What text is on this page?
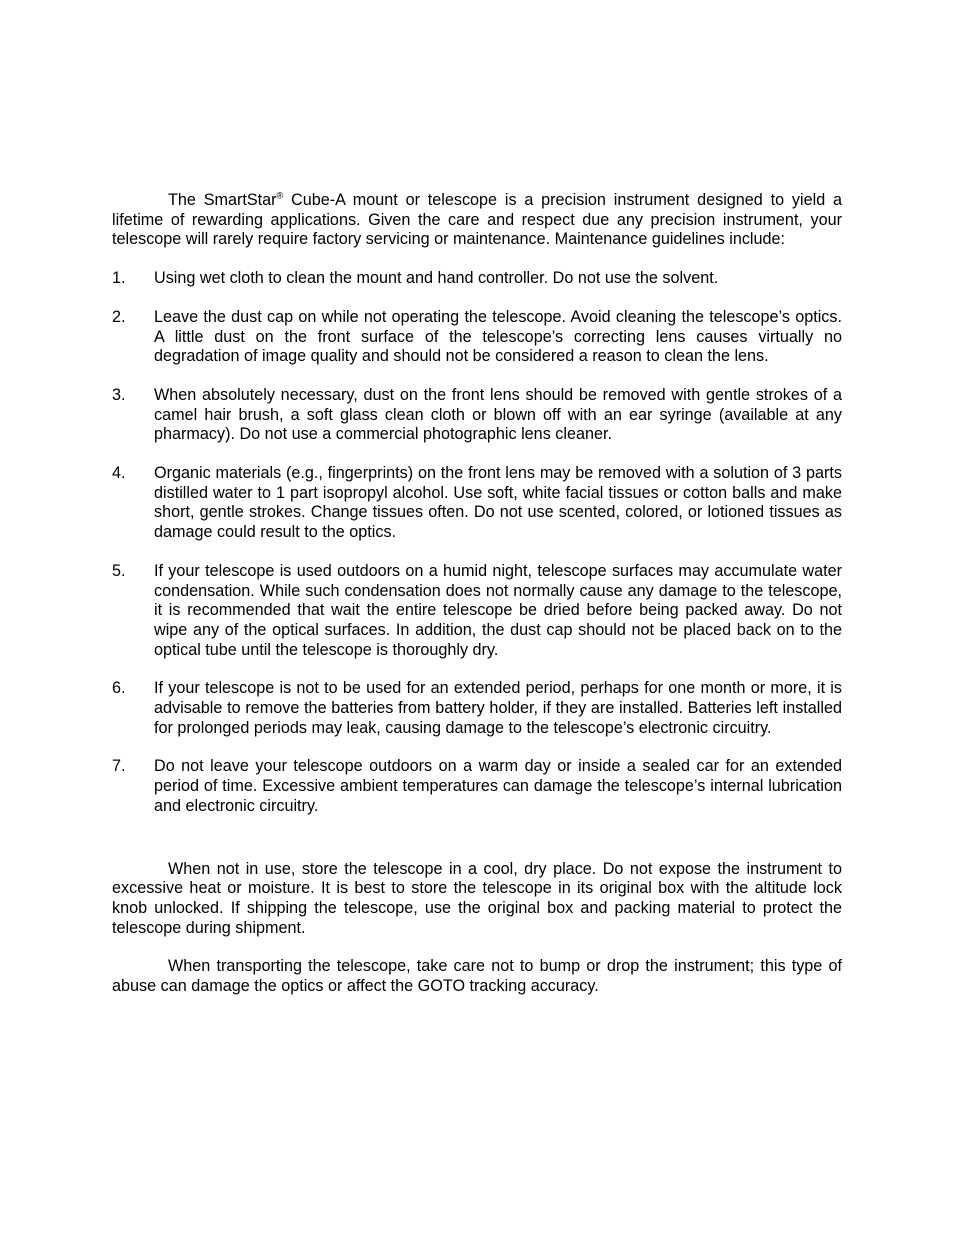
The SmartStar® Cube-A mount or telescope is a precision instrument designed to yield a lifetime of rewarding applications. Given the care and respect due any precision instrument, your telescope will rarely require factory servicing or maintenance. Maintenance guidelines include:

1. Using wet cloth to clean the mount and hand controller. Do not use the solvent.
2. Leave the dust cap on while not operating the telescope. Avoid cleaning the telescope’s optics. A little dust on the front surface of the telescope’s correcting lens causes virtually no degradation of image quality and should not be considered a reason to clean the lens.
3. When absolutely necessary, dust on the front lens should be removed with gentle strokes of a camel hair brush, a soft glass clean cloth or blown off with an ear syringe (available at any pharmacy). Do not use a commercial photographic lens cleaner.
4. Organic materials (e.g., fingerprints) on the front lens may be removed with a solution of 3 parts distilled water to 1 part isopropyl alcohol. Use soft, white facial tissues or cotton balls and make short, gentle strokes. Change tissues often. Do not use scented, colored, or lotioned tissues as damage could result to the optics.
5. If your telescope is used outdoors on a humid night, telescope surfaces may accumulate water condensation. While such condensation does not normally cause any damage to the telescope, it is recommended that wait the entire telescope be dried before being packed away. Do not wipe any of the optical surfaces. In addition, the dust cap should not be placed back on to the optical tube until the telescope is thoroughly dry.
6. If your telescope is not to be used for an extended period, perhaps for one month or more, it is advisable to remove the batteries from battery holder, if they are installed. Batteries left installed for prolonged periods may leak, causing damage to the telescope’s electronic circuitry.
7. Do not leave your telescope outdoors on a warm day or inside a sealed car for an extended period of time. Excessive ambient temperatures can damage the telescope’s internal lubrication and electronic circuitry.

When not in use, store the telescope in a cool, dry place. Do not expose the instrument to excessive heat or moisture. It is best to store the telescope in its original box with the altitude lock knob unlocked. If shipping the telescope, use the original box and packing material to protect the telescope during shipment.

When transporting the telescope, take care not to bump or drop the instrument; this type of abuse can damage the optics or affect the GOTO tracking accuracy.
